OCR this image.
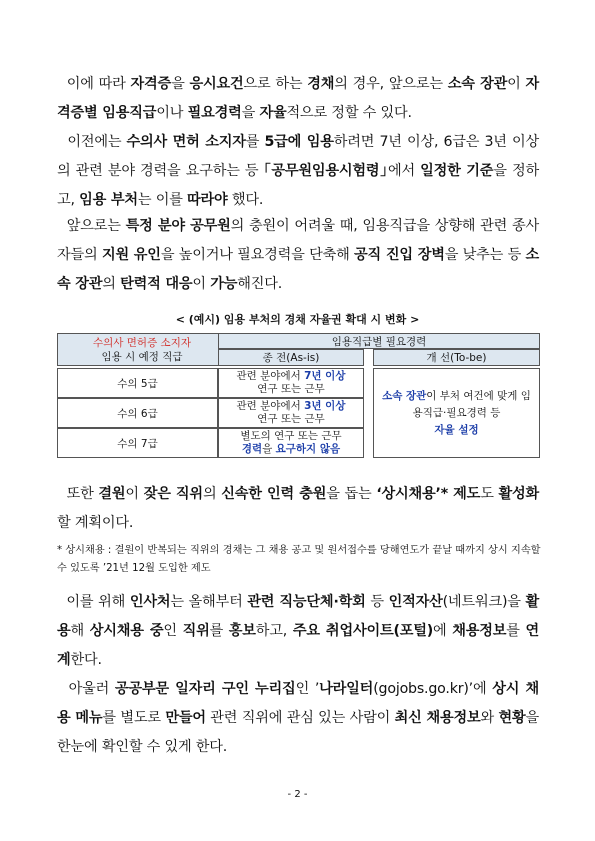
이에 따라 자격증을 응시요건으로 하는 경채의 경우, 앞으로는 소속 장관이 자격증별 임용직급이나 필요경력을 자율적으로 정할 수 있다.
이전에는 수의사 면허 소지자를 5급에 임용하려면 7년 이상, 6급은 3년 이상의 관련 분야 경력을 요구하는 등 ｢공무원임용시험령｣에서 일정한 기준을 정하고, 임용 부처는 이를 따라야 했다.
앞으로는 특정 분야 공무원의 충원이 어려울 때, 임용직급을 상향해 관련 종사자들의 지원 유인을 높이거나 필요경력을 단축해 공직 진입 장벽을 낮추는 등 소속 장관의 탄력적 대응이 가능해진다.
< (예시) 임용 부처의 경채 자율권 확대 시 변화 >
수의사 면허증 소지자
임용 시 예정 직급
임용직급별 필요경력
종 전(As-is)	개 선(To-be)
수의 5급
수의 6급
수의 7급
관련 분야에서 7년 이상
연구 또는 근무
관련 분야에서 3년 이상
연구 또는 근무
별도의 연구 또는 근무
경력을 요구하지 않음
소속 장관이 부처 여건에 맞게 임용직급·필요경력 등
자율 설정
또한 결원이 잦은 직위의 신속한 인력 충원을 돕는 ‘상시채용’* 제도도 활성화할 계획이다.
* 상시채용 : 결원이 반복되는 직위의 경채는 그 채용 공고 및 원서접수를 당해연도가 끝날 때까지 상시 지속할 수 있도록 ’21년 12월 도입한 제도
이를 위해 인사처는 올해부터 관련 직능단체·학회 등 인적자산(네트워크)을 활용해 상시채용 중인 직위를 홍보하고, 주요 취업사이트(포털)에 채용정보를 연계한다.
아울러 공공부문 일자리 구인 누리집인 ’나라일터(gojobs.go.kr)’에 상시 채용 메뉴를 별도로 만들어 관련 직위에 관심 있는 사람이 최신 채용정보와 현황을 한눈에 확인할 수 있게 한다.
- 2 -
